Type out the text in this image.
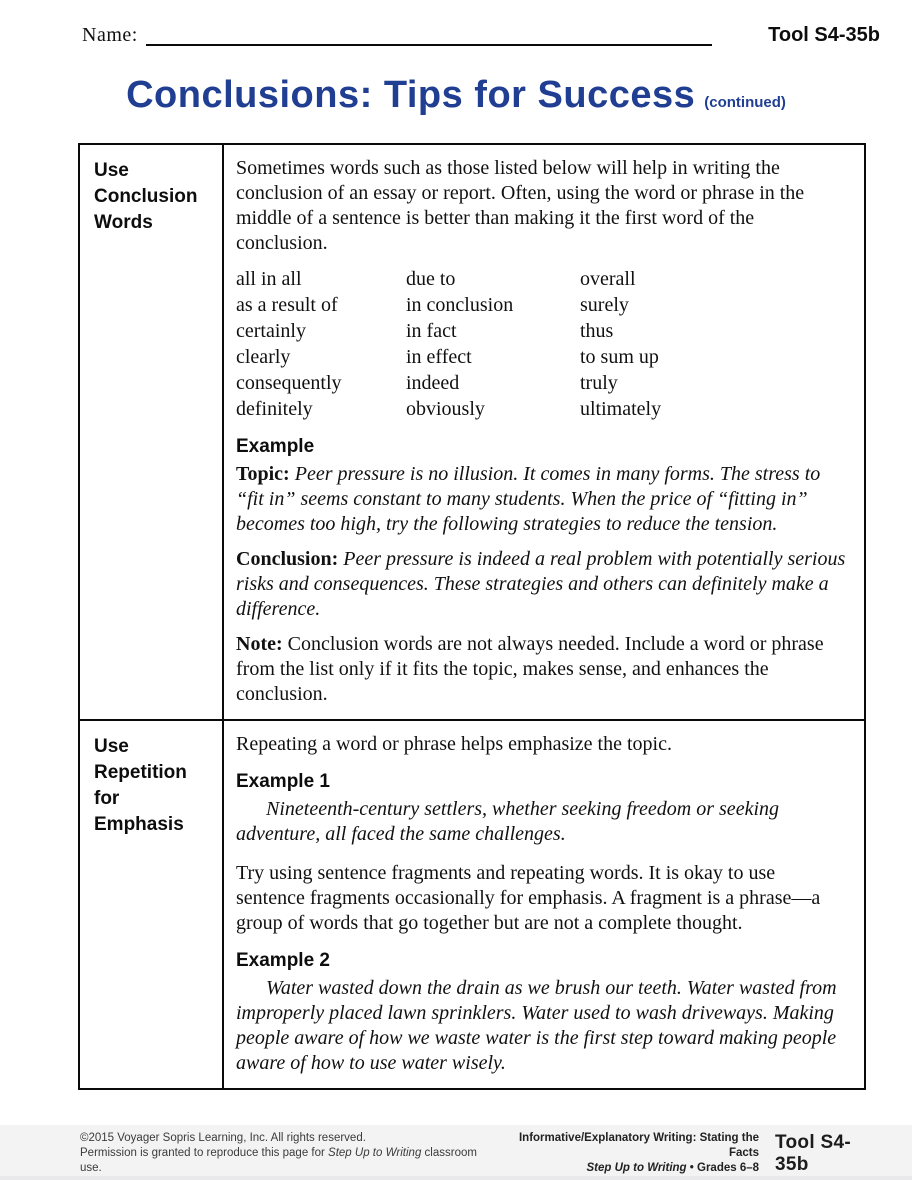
Name:	Tool S4-35b
Conclusions: Tips for Success (continued)
Use
Conclusion
Words

Sometimes words such as those listed below will help in writing the conclusion of an essay or report. Often, using the word or phrase in the middle of a sentence is better than making it the first word of the conclusion.

all in all	due to	overall
as a result of	in conclusion	surely
certainly	in fact	thus
clearly	in effect	to sum up
consequently	indeed	truly
definitely	obviously	ultimately
Example

Topic: Peer pressure is no illusion. It comes in many forms. The stress to “fit in” seems constant to many students. When the price of “fitting in” becomes too high, try the following strategies to reduce the tension.

Conclusion: Peer pressure is indeed a real problem with potentially serious risks and consequences. These strategies and others can definitely make a difference.

Note: Conclusion words are not always needed. Include a word or phrase from the list only if it fits the topic, makes sense, and enhances the conclusion.

Use
Repetition
for
Emphasis

Repeating a word or phrase helps emphasize the topic.

Example 1

Nineteenth-century settlers, whether seeking freedom or seeking adventure, all faced the same challenges.

Try using sentence fragments and repeating words. It is okay to use sentence fragments occasionally for emphasis. A fragment is a phrase—a group of words that go together but are not a complete thought.

Example 2

Water wasted down the drain as we brush our teeth. Water wasted from improperly placed lawn sprinklers. Water used to wash driveways. Making people aware of how we waste water is the first step toward making people aware of how to use water wisely.

©2015 Voyager Sopris Learning, Inc. All rights reserved.
Permission is granted to reproduce this page for Step Up to Writing classroom use.
Informative/Explanatory Writing: Stating the Facts
Step Up to Writing • Grades 6–8
Tool S4-35b
